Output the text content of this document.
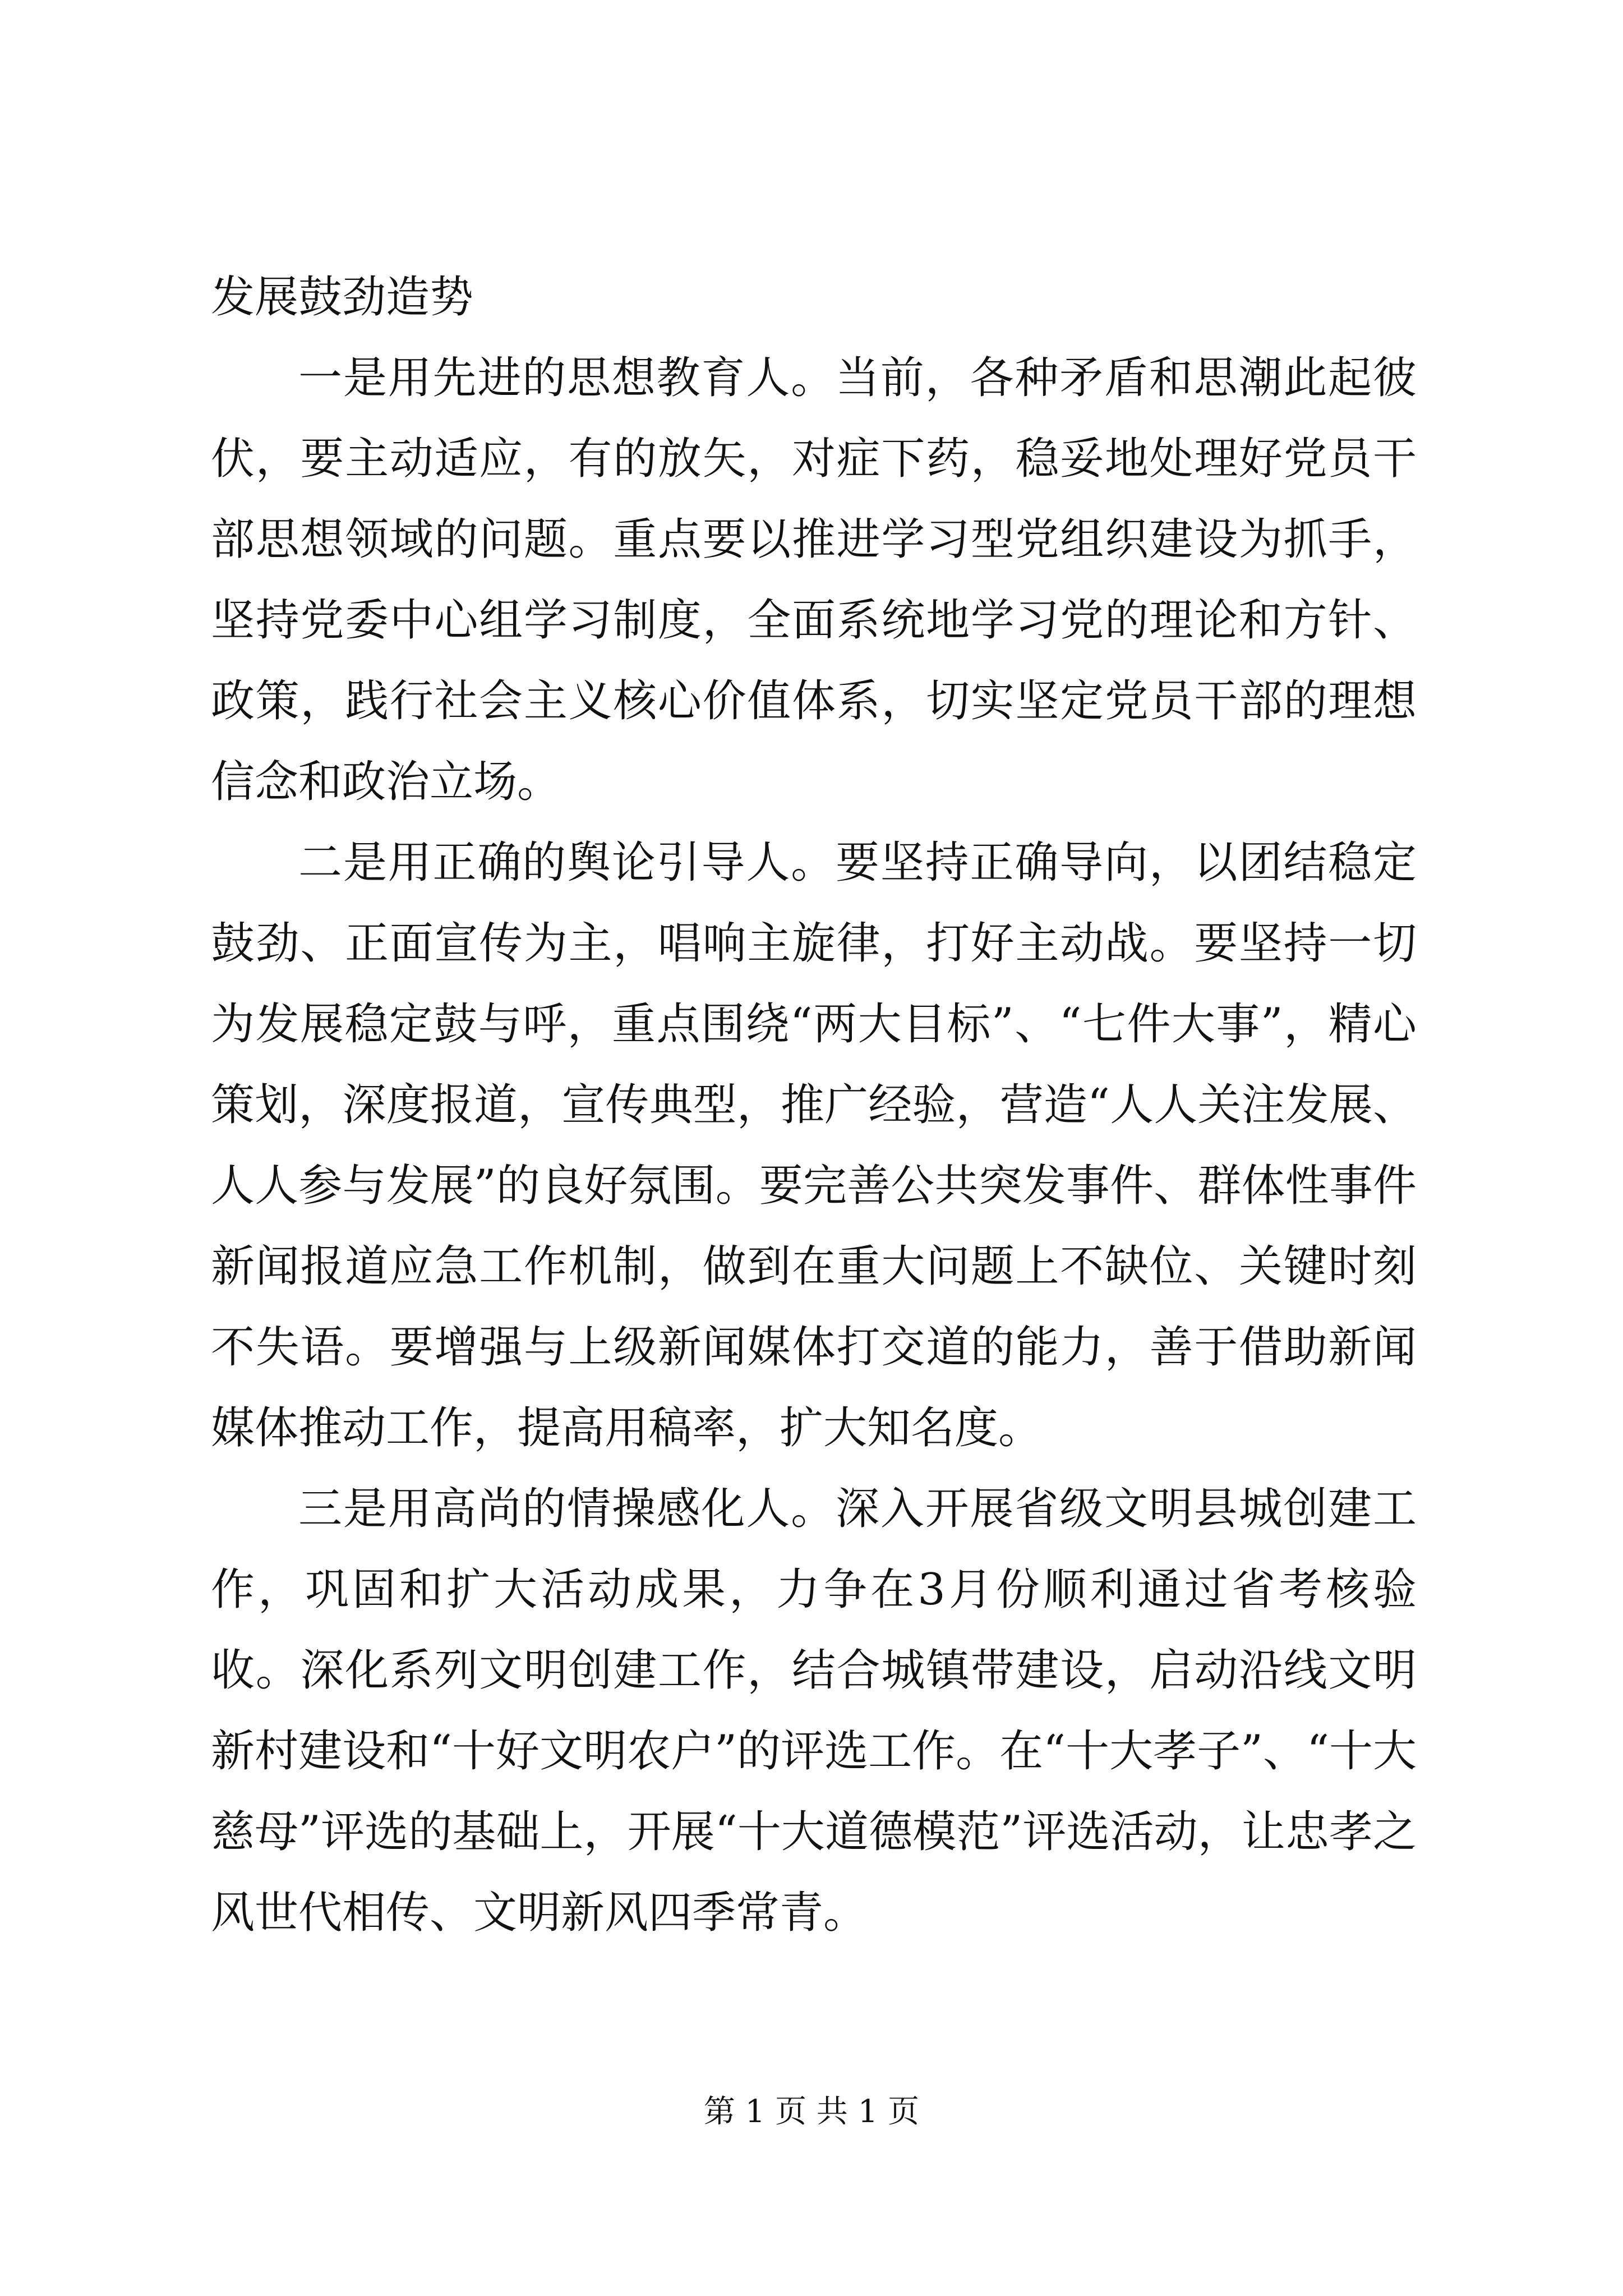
发展鼓劲造势

一是用先进的思想教育人。当前，各种矛盾和思潮此起彼伏，要主动适应，有的放矢，对症下药，稳妥地处理好党员干部思想领域的问题。重点要以推进学习型党组织建设为抓手，坚持党委中心组学习制度，全面系统地学习党的理论和方针、政策，践行社会主义核心价值体系，切实坚定党员干部的理想信念和政治立场。

二是用正确的舆论引导人。要坚持正确导向，以团结稳定鼓劲、正面宣传为主，唱响主旋律，打好主动战。要坚持一切为发展稳定鼓与呼，重点围绕“两大目标”、“七件大事”，精心策划，深度报道，宣传典型，推广经验，营造“人人关注发展、人人参与发展”的良好氛围。要完善公共突发事件、群体性事件新闻报道应急工作机制，做到在重大问题上不缺位、关键时刻不失语。要增强与上级新闻媒体打交道的能力，善于借助新闻媒体推动工作，提高用稿率，扩大知名度。

三是用高尚的情操感化人。深入开展省级文明县城创建工作，巩固和扩大活动成果，力争在3月份顺利通过省考核验收。深化系列文明创建工作，结合城镇带建设，启动沿线文明新村建设和“十好文明农户”的评选工作。在“十大孝子”、“十大慈母”评选的基础上，开展“十大道德模范”评选活动，让忠孝之风世代相传、文明新风四季常青。

第 1 页 共 1 页
